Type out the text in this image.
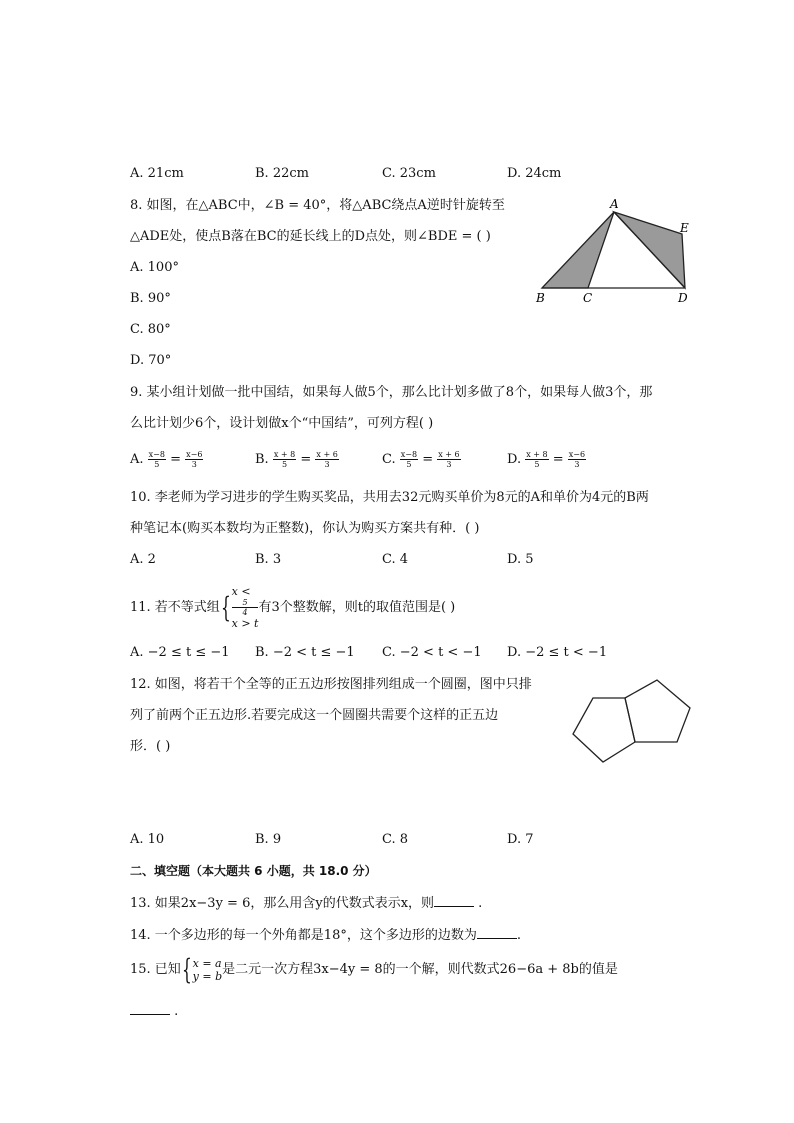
A. 21cm	B. 22cm	C. 23cm	D. 24cm
8. 如图，在△ABC中，∠B = 40°，将△ABC绕点A逆时针旋转至
△ADE处，使点B落在BC的延长线上的D点处，则∠BDE = ( )
A. 100°
B. 90°
C. 80°
D. 70°
A
E
B	C	D
9. 某小组计划做一批中国结，如果每人做5个，那么比计划多做了8个，如果每人做3个，那
么比计划少6个，设计划做x个“中国结”，可列方程( )
A. $\frac{x-8}{5} = \frac{x-6}{3}$	B. $\frac{x + 8}{5} = \frac{x + 6}{3}$	C. $\frac{x-8}{5} = \frac{x + 6}{3}$	D. $\frac{x + 8}{5} = \frac{x-6}{3}$
10. 李老师为学习进步的学生购买奖品，共用去32元购买单价为8元的A和单价为4元的B两
种笔记本(购买本数均为正整数)，你认为购买方案共有种．( )
A. 2	B. 3	C. 4	D. 5
11. 若不等式组{ x <
5
4
x > t
有3个整数解，则t的取值范围是( )
A. −2 ≤ t ≤ −1 B. −2 < t ≤ −1 C. −2 < t < −1 D. −2 ≤ t < −1
12. 如图，将若干个全等的正五边形按图排列组成一个圆圈，图中只排
列了前两个正五边形.若要完成这一个圆圈共需要个这样的正五边
形．( )
A. 10	B. 9	C. 8	D. 7
二、填空题（本大题共 6 小题，共 18.0 分）
13. 如果2x−3y = 6，那么用含y的代数式表示x，则	.
14. 一个多边形的每一个外角都是18°，这个多边形的边数为	.
15. 已知{ x = a
y = b 是二元一次方程3x−4y = 8的一个解，则代数式26−6a + 8b的值是
.
